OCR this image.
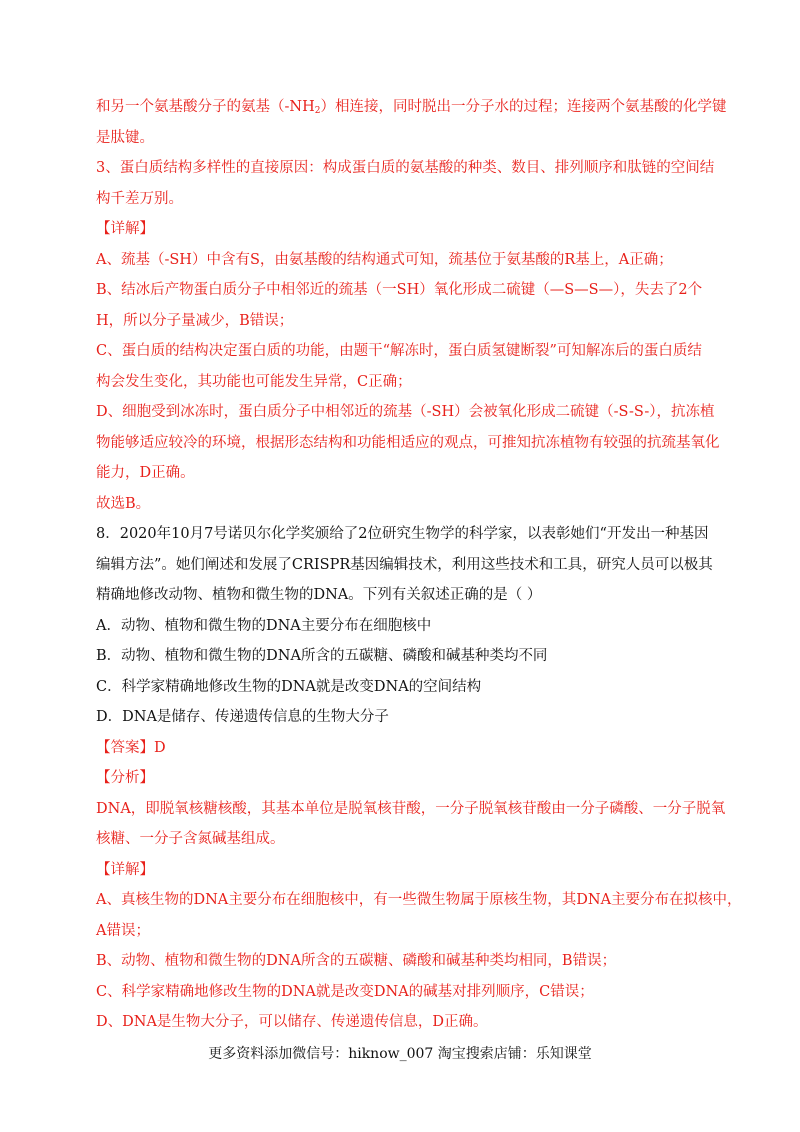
和另一个氨基酸分子的氨基$(-NH_2)$相连接，同时脱出一分子水的过程；连接两个氨基酸的化学键
是肽键。
3、蛋白质结构多样性的直接原因：构成蛋白质的氨基酸的种类、数目、排列顺序和肽链的空间结
构千差万别。
【详解】
A、巯基（-SH）中含有S，由氨基酸的结构通式可知，巯基位于氨基酸的R基上，A正确；
B、结冰后产物蛋白质分子中相邻近的巯基（一SH）氧化形成二硫键（—S—S—），失去了2个
H，所以分子量减少，B错误；
C、蛋白质的结构决定蛋白质的功能，由题干“解冻时，蛋白质氢键断裂”可知解冻后的蛋白质结
构会发生变化，其功能也可能发生异常，C正确；
D、细胞受到冰冻时，蛋白质分子中相邻近的巯基（-SH）会被氧化形成二硫键（-S-S-），抗冻植
物能够适应较冷的环境，根据形态结构和功能相适应的观点，可推知抗冻植物有较强的抗巯基氧化
能力，D正确。
故选B。
8．2020年10月7号诺贝尔化学奖颁给了2位研究生物学的科学家，以表彰她们“开发出一种基因
编辑方法”。她们阐述和发展了CRISPR基因编辑技术，利用这些技术和工具，研究人员可以极其
精确地修改动物、植物和微生物的DNA。下列有关叙述正确的是（ ）
A．动物、植物和微生物的DNA主要分布在细胞核中
B．动物、植物和微生物的DNA所含的五碳糖、磷酸和碱基种类均不同
C．科学家精确地修改生物的DNA就是改变DNA的空间结构
D．DNA是储存、传递遗传信息的生物大分子
【答案】D
【分析】
DNA，即脱氧核糖核酸，其基本单位是脱氧核苷酸，一分子脱氧核苷酸由一分子磷酸、一分子脱氧
核糖、一分子含氮碱基组成。
【详解】
A、真核生物的DNA主要分布在细胞核中，有一些微生物属于原核生物，其DNA主要分布在拟核中，
A错误；
B、动物、植物和微生物的DNA所含的五碳糖、磷酸和碱基种类均相同，B错误；
C、科学家精确地修改生物的DNA就是改变DNA的碱基对排列顺序，C错误；
D、DNA是生物大分子，可以储存、传递遗传信息，D正确。
更多资料添加微信号：hiknow_007 淘宝搜索店铺：乐知课堂
